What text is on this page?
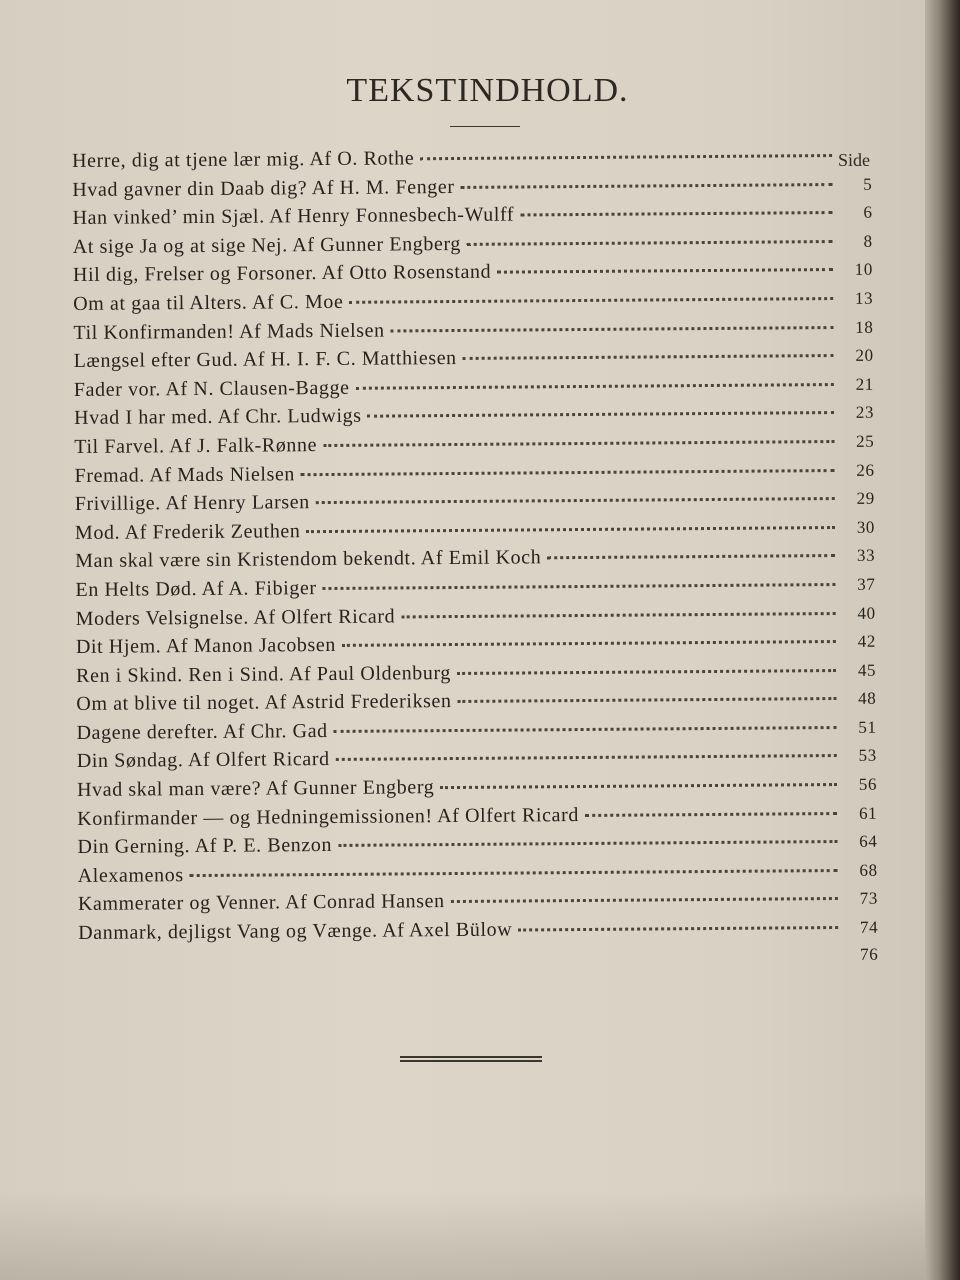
TEKSTINDHOLD.
Side
Herre, dig at tjene lær mig. Af O. Rothe
Hvad gavner din Daab dig? Af H. M. Fenger	5
Han vinked’ min Sjæl. Af Henry Fonnesbech-Wulff	6
At sige Ja og at sige Nej. Af Gunner Engberg	8
Hil dig, Frelser og Forsoner. Af Otto Rosenstand	10
Om at gaa til Alters. Af C. Moe	13
Til Konfirmanden! Af Mads Nielsen	18
Længsel efter Gud. Af H. I. F. C. Matthiesen	20
Fader vor. Af N. Clausen-Bagge	21
Hvad I har med. Af Chr. Ludwigs	23
Til Farvel. Af J. Falk-Rønne	25
Fremad. Af Mads Nielsen	26
Frivillige. Af Henry Larsen	29
Mod. Af Frederik Zeuthen	30
Man skal være sin Kristendom bekendt. Af Emil Koch	33
En Helts Død. Af A. Fibiger	37
Moders Velsignelse. Af Olfert Ricard	40
Dit Hjem. Af Manon Jacobsen	42
Ren i Skind. Ren i Sind. Af Paul Oldenburg	45
Om at blive til noget. Af Astrid Frederiksen	48
Dagene derefter. Af Chr. Gad	51
Din Søndag. Af Olfert Ricard	53
Hvad skal man være? Af Gunner Engberg	56
Konfirmander — og Hedningemissionen! Af Olfert Ricard	61
Din Gerning. Af P. E. Benzon	64
Alexamenos	68
Kammerater og Venner. Af Conrad Hansen	73
Danmark, dejligst Vang og Vænge. Af Axel Bülow	74
76
